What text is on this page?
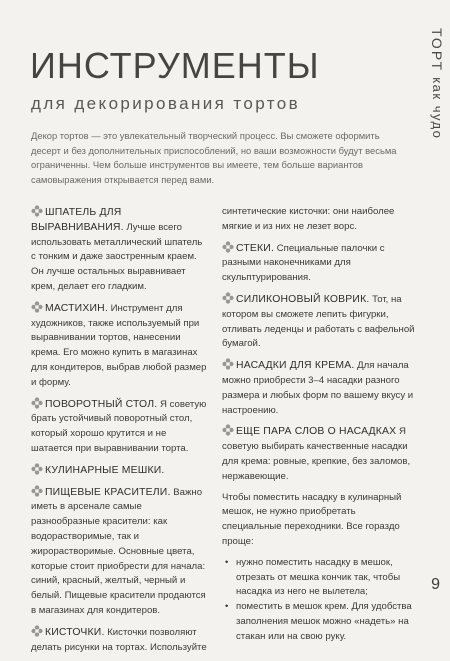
ТОРТ как чудо
ИНСТРУМЕНТЫ
для декорирования тортов

Декор тортов — это увлекательный творческий процесс. Вы сможете оформить десерт и без дополнительных приспособлений, но ваши возможности будут весьма ограниченны. Чем больше инструментов вы имеете, тем больше вариантов самовыражения открывается перед вами.

ШПАТЕЛЬ ДЛЯ ВЫРАВНИВАНИЯ. Лучше всего использовать металлический шпатель с тонким и даже заостренным краем. Он лучше остальных выравнивает крем, делает его гладким.

МАСТИХИН. Инструмент для художников, также используемый при выравнивании тортов, нанесении крема. Его можно купить в магазинах для кондитеров, выбрав любой размер и форму.

ПОВОРОТНЫЙ СТОЛ. Я советую брать устойчивый поворотный стол, который хорошо крутится и не шатается при выравнивании торта.

КУЛИНАРНЫЕ МЕШКИ.

ПИЩЕВЫЕ КРАСИТЕЛИ. Важно иметь в арсенале самые разнообразные красители: как водорастворимые, так и жирорастворимые. Основные цвета, которые стоит приобрести для начала: синий, красный, желтый, черный и белый. Пищевые красители продаются в магазинах для кондитеров.

КИСТОЧКИ. Кисточки позволяют делать рисунки на тортах. Используйте

синтетические кисточки: они наиболее мягкие и из них не лезет ворс.

СТЕКИ. Специальные палочки с разными наконечниками для скульптурирования.

СИЛИКОНОВЫЙ КОВРИК. Тот, на котором вы сможете лепить фигурки, отливать леденцы и работать с вафельной бумагой.

НАСАДКИ ДЛЯ КРЕМА. Для начала можно приобрести 3–4 насадки разного размера и любых форм по вашему вкусу и настроению.

ЕЩЕ ПАРА СЛОВ О НАСАДКАХ Я советую выбирать качественные насадки для крема: ровные, крепкие, без заломов, нержавеющие.

Чтобы поместить насадку в кулинарный мешок, не нужно приобретать специальные переходники. Все гораздо проще:

• нужно поместить насадку в мешок, отрезать от мешка кончик так, чтобы насадка из него не вылетела;
• поместить в мешок крем. Для удобства заполнения мешок можно «надеть» на стакан или на свою руку.
9
